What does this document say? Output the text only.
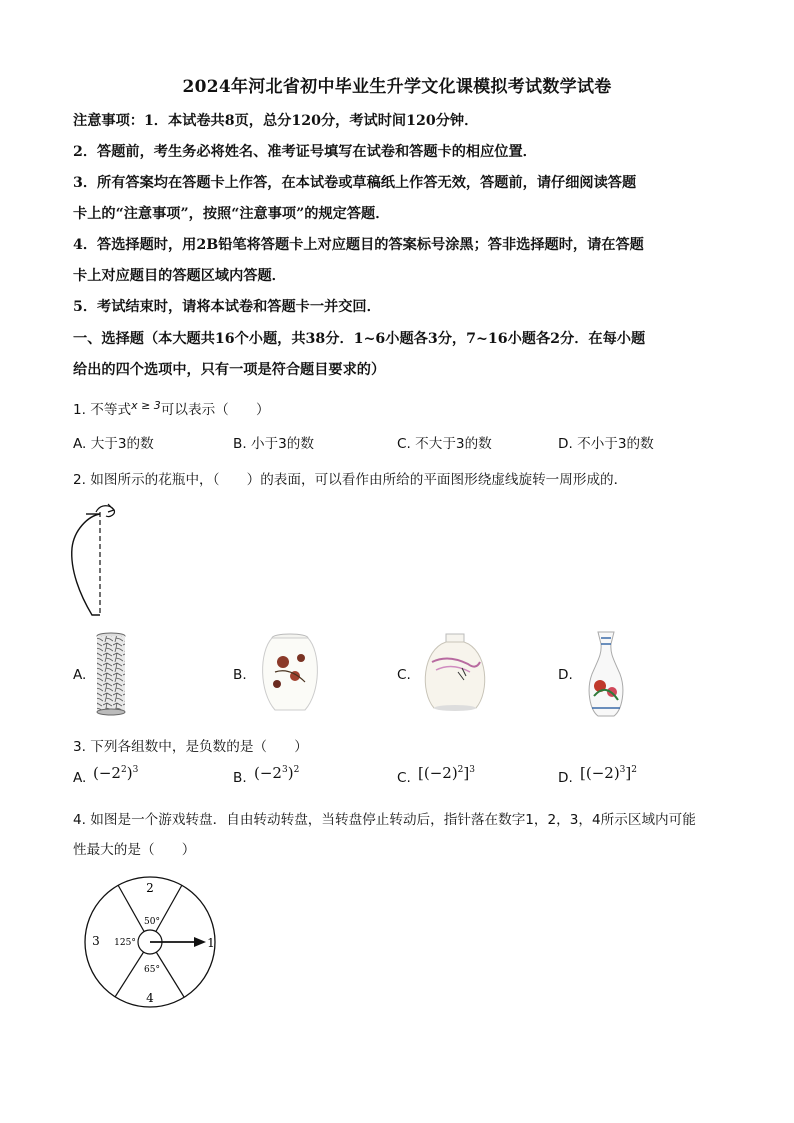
2024年河北省初中毕业生升学文化课模拟考试数学试卷
注意事项：1．本试卷共8页，总分120分，考试时间120分钟．
2．答题前，考生务必将姓名、准考证号填写在试卷和答题卡的相应位置．
3．所有答案均在答题卡上作答，在本试卷或草稿纸上作答无效，答题前，请仔细阅读答题
卡上的“注意事项”，按照“注意事项”的规定答题．
4．答选择题时，用2B铅笔将答题卡上对应题目的答案标号涂黑；答非选择题时，请在答题
卡上对应题目的答题区域内答题．
5．考试结束时，请将本试卷和答题卡一并交回．
一、选择题（本大题共16个小题，共38分．1~6小题各3分，7~16小题各2分．在每小题
给出的四个选项中，只有一项是符合题目要求的）
1. 不等式$^{x \ge 3}$可以表示（　　）
A. 大于3的数	B. 小于3的数	C. 不大于3的数	D. 不小于3的数
2. 如图所示的花瓶中，（　　）的表面，可以看作由所给的平面图形绕虚线旋转一周形成的．
A.	B.	C.	D.
3. 下列各组数中，是负数的是（　　）
A. $(-2^2)^3$	B. $(-2^3)^2$	C. $[(-2)^2]^3$	D. $[(-2)^3]^2$
4. 如图是一个游戏转盘．自由转动转盘，当转盘停止转动后，指针落在数字1，2，3，4所示区域内可能
性最大的是（　　）
2
3
4
1
50°
125°
65°
